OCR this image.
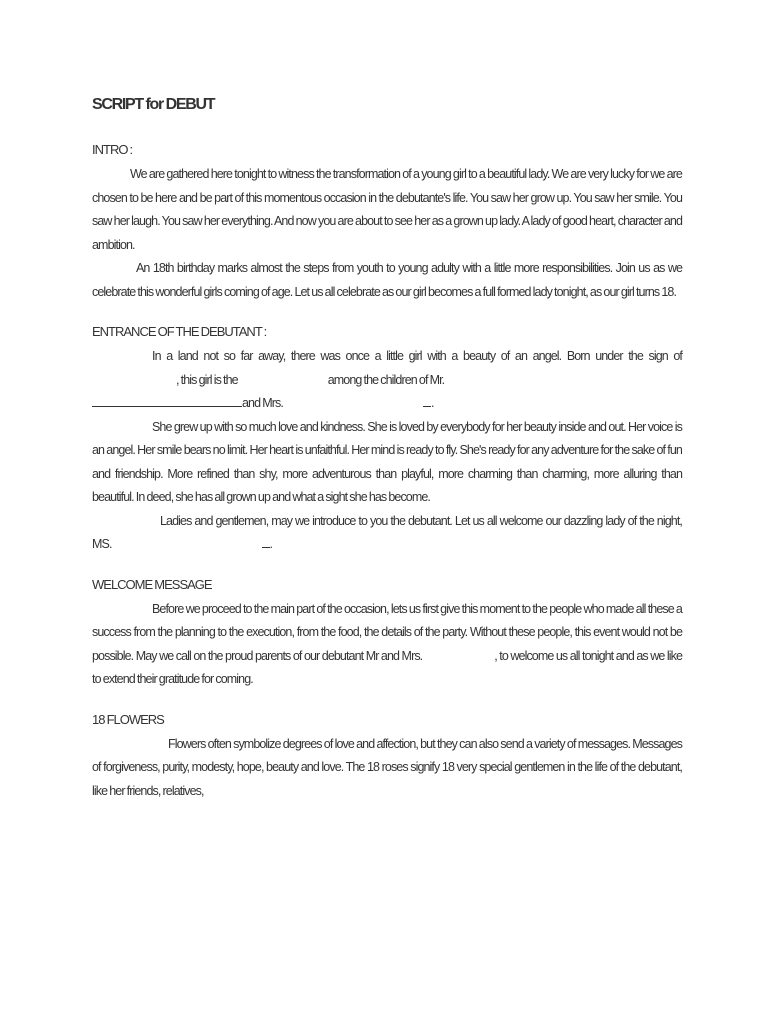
SCRIPT for DEBUT
INTRO :

We are gathered here tonight to witness the transformation of a young girl to a beautiful lady. We are very lucky for we are chosen to be here and be part of this momentous occasion in the debutante's life. You saw her grow up. You saw her smile. You saw her laugh. You saw her everything. And now you are about to see her as a grown up lady. A lady of good heart, character and ambition.

An 18th birthday marks almost the steps from youth to young adulty with a little more responsibilities. Join us as we celebrate this wonderful girls coming of age. Let us all celebrate as our girl becomes a full formed lady tonight, as our girl turns 18.

ENTRANCE OF THE DEBUTANT :

In a land not so far away, there was once a little girl with a beauty of an angel. Born under the sign of, this girl is the	among the children of Mr.
and Mrs.	.

She grew up with so much love and kindness. She is loved by everybody for her beauty inside and out. Her voice is an angel. Her smile bears no limit. Her heart is unfaithful. Her mind is ready to fly. She's ready for any adventure for the sake of fun and friendship. More refined than shy, more adventurous than playful, more charming than charming, more alluring than beautiful. In deed, she has all grown up and what a sight she has become.

Ladies and gentlemen, may we introduce to you the debutant. Let us all welcome our dazzling lady of the night, MS.	.

WELCOME MESSAGE

Before we proceed to the main part of the occasion, lets us first give this moment to the people who made all these a success from the planning to the execution, from the food, the details of the party. Without these people, this event would not be possible. May we call on the proud parents of our debutant Mr and Mrs.	, to welcome us all tonight and as we like to extend their gratitude for coming.

18 FLOWERS

Flowers often symbolize degrees of love and affection, but they can also send a variety of messages. Messages of forgiveness, purity, modesty, hope, beauty and love. The 18 roses signify 18 very special gentlemen in the life of the debutant, like her friends, relatives,
